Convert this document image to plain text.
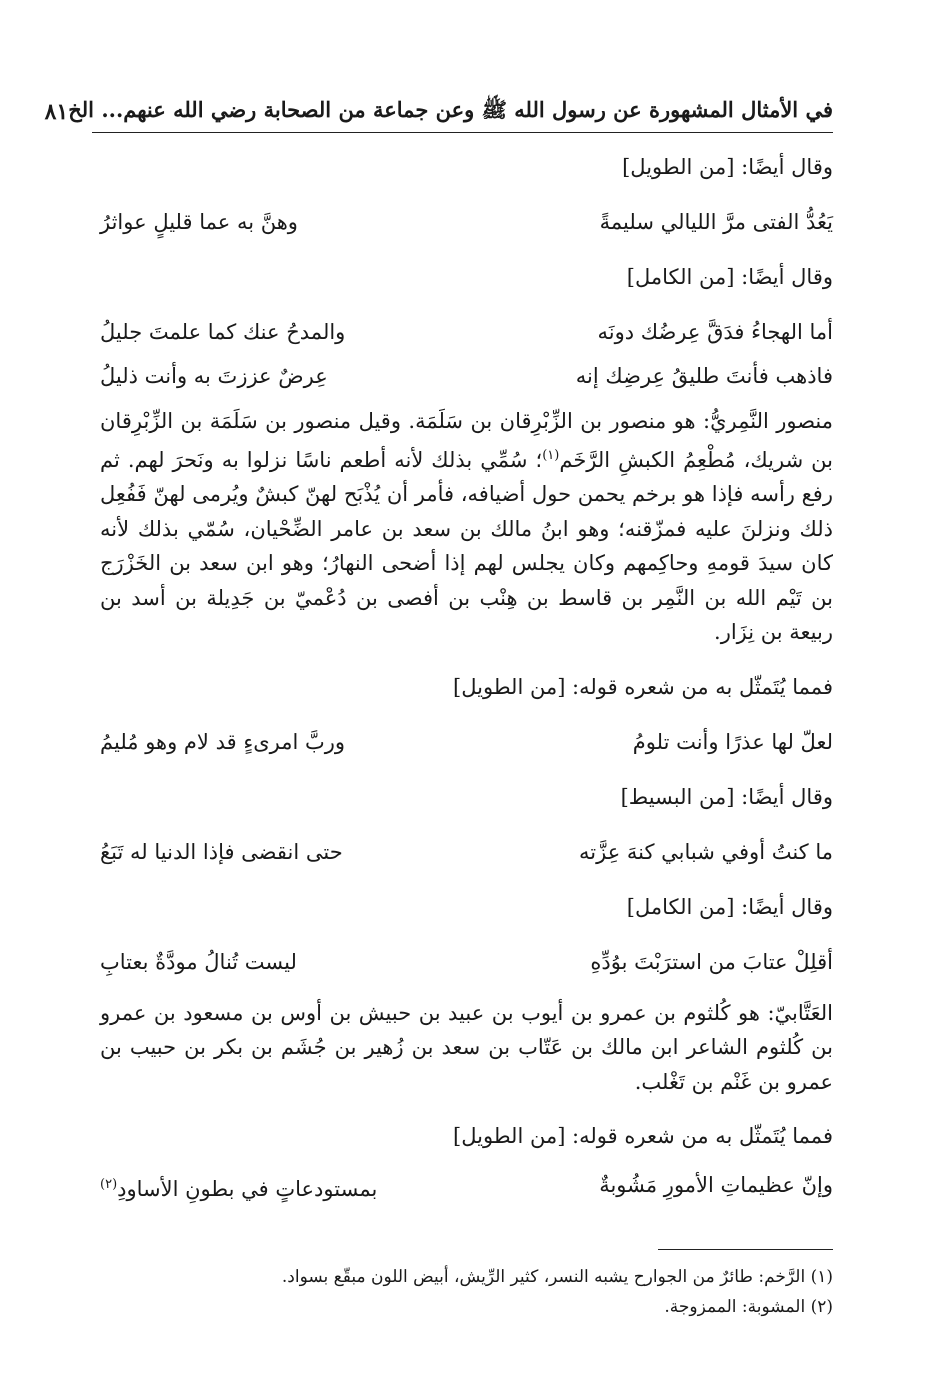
في الأمثال المشهورة عن رسول الله ﷺ وعن جماعة من الصحابة رضي الله عنهم... الخ
٨١

وقال أيضًا: [من الطويل]

يَعُدُّ الفتى مرَّ الليالي سليمةً
وهنَّ به عما قليلٍ عواثرُ

وقال أيضًا: [من الكامل]

أما الهجاءُ فدَقَّ عِرضُك دونَه
والمدحُ عنك كما علمتَ جليلُ
فاذهب فأنتَ طليقُ عِرضِك إنه
عِرضٌ عززتَ به وأنت ذليلُ

منصور النَّمِريُّ: هو منصور بن الزِّبْرِقان بن سَلَمَة. وقيل منصور بن سَلَمَة بن الزِّبْرِقان بن شريك، مُطْعِمُ الكبشِ الرَّخَم$^{(١)}$؛ سُمِّي بذلك لأنه أطعم ناسًا نزلوا به ونَحرَ لهم. ثم رفع رأسه فإذا هو برخم يحمن حول أضيافه، فأمر أن يُذْبَح لهنّ كبشٌ ويُرمى لهنّ فَفُعِل ذلك ونزلنَ عليه فمزّقنه؛ وهو ابنُ مالك بن سعد بن عامر الضِّحْيان، سُمّي بذلك لأنه كان سيدَ قومهِ وحاكِمهم وكان يجلس لهم إذا أضحى النهارُ؛ وهو ابن سعد بن الخَزْرَج بن تَيْم الله بن النَّمِر بن قاسط بن هِنْب بن أفصى بن دُعْميّ بن جَدِيلة بن أسد بن ربيعة بن نِزَار.

فمما يُتَمثّل به من شعره قوله: [من الطويل]

لعلّ لها عذرًا وأنت تلومُ
وربَّ امرىءٍ قد لام وهو مُليمُ

وقال أيضًا: [من البسيط]

ما كنتُ أوفي شبابي كنهَ عِزَّته
حتى انقضى فإذا الدنيا له تَبَعُ

وقال أيضًا: [من الكامل]

أقلِلْ عتابَ من استرَبْتَ بوُدِّهِ
ليست تُنالُ مودَّةٌ بعتابِ

العَتَّابيّ: هو كُلثوم بن عمرو بن أيوب بن عبيد بن حبيش بن أوس بن مسعود بن عمرو بن كُلثوم الشاعر ابن مالك بن عَتّاب بن سعد بن زُهير بن جُشَم بن بكر بن حبيب بن عمرو بن غَنْم بن تَغْلب.

فمما يُتَمثّل به من شعره قوله: [من الطويل]

وإنّ عظيماتِ الأمورِ مَشُوبةٌ
بمستودعاتٍ في بطونِ الأساودِ$^{(٢)}$

(١) الرَّخم: طائرٌ من الجوارح يشبه النسر، كثير الرِّيش، أبيض اللون مبقّع بسواد.

(٢) المشوبة: الممزوجة.
